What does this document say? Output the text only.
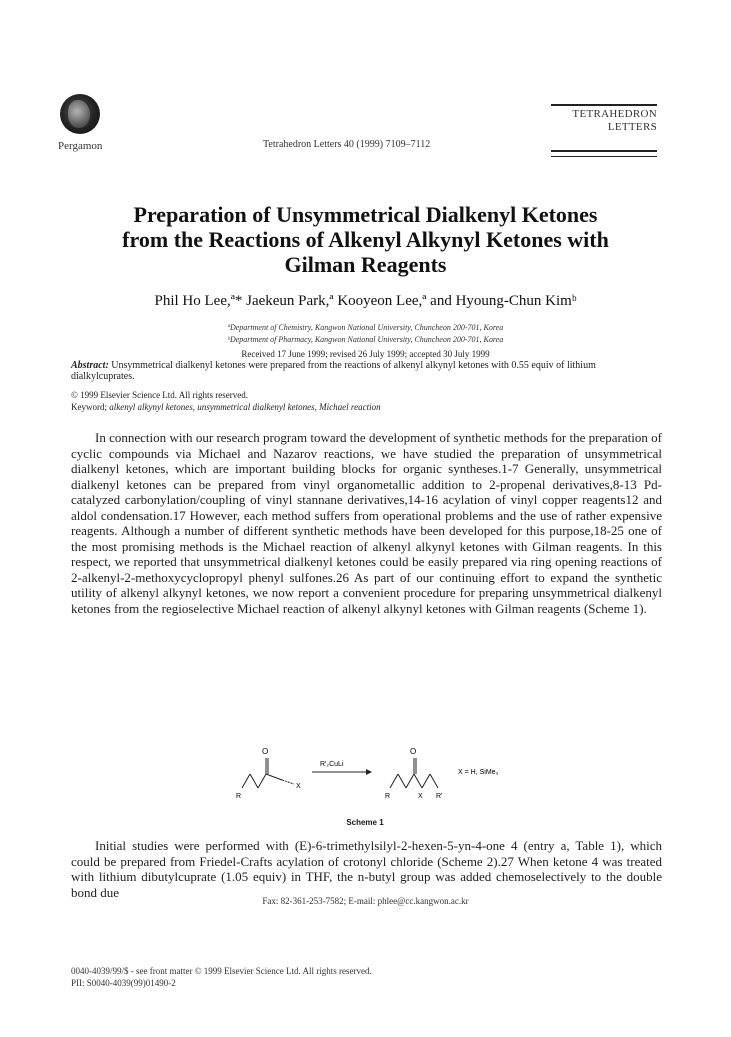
Pergamon	Tetrahedron Letters 40 (1999) 7109–7112
TETRAHEDRON
LETTERS
Preparation of Unsymmetrical Dialkenyl Ketones
from the Reactions of Alkenyl Alkynyl Ketones with
Gilman Reagents
Phil Ho Lee,ª* Jaekeun Park,ª Kooyeon Lee,ª and Hyoung-Chun Kimᵇ
ªDepartment of Chemistry, Kangwon National University, Chuncheon 200-701, Korea
ᵇDepartment of Pharmacy, Kangwon National University, Chuncheon 200-701, Korea
Received 17 June 1999; revised 26 July 1999; accepted 30 July 1999
Abstract: Unsymmetrical dialkenyl ketones were prepared from the reactions of alkenyl alkynyl ketones with 0.55 equiv of lithium dialkylcuprates.
© 1999 Elsevier Science Ltd. All rights reserved.
Keyword; alkenyl alkynyl ketones, unsymmetrical dialkenyl ketones, Michael reaction

In connection with our research program toward the development of synthetic methods for the preparation of cyclic compounds via Michael and Nazarov reactions, we have studied the preparation of unsymmetrical dialkenyl ketones, which are important building blocks for organic syntheses.1-7 Generally, unsymmetrical dialkenyl ketones can be prepared from vinyl organometallic addition to 2-propenal derivatives,8-13 Pd-catalyzed carbonylation/coupling of vinyl stannane derivatives,14-16 acylation of vinyl copper reagents12 and aldol condensation.17 However, each method suffers from operational problems and the use of rather expensive reagents. Although a number of different synthetic methods have been developed for this purpose,18-25 one of the most promising methods is the Michael reaction of alkenyl alkynyl ketones with Gilman reagents. In this respect, we reported that unsymmetrical dialkenyl ketones could be easily prepared via ring opening reactions of 2-alkenyl-2-methoxycyclopropyl phenyl sulfones.26 As part of our continuing effort to expand the synthetic utility of alkenyl alkynyl ketones, we now report a convenient procedure for preparing unsymmetrical dialkenyl ketones from the regioselective Michael reaction of alkenyl alkynyl ketones with Gilman reagents (Scheme 1).

O
R
X
R'₂CuLi
O
R	X R'
X = H, SiMe₃
Scheme 1

Initial studies were performed with (E)-6-trimethylsilyl-2-hexen-5-yn-4-one 4 (entry a, Table 1), which could be prepared from Friedel-Crafts acylation of crotonyl chloride (Scheme 2).27 When ketone 4 was treated with lithium dibutylcuprate (1.05 equiv) in THF, the n-butyl group was added chemoselectively to the double bond due

Fax: 82-361-253-7582; E-mail: phlee@cc.kangwon.ac.kr
0040-4039/99/$ - see front matter © 1999 Elsevier Science Ltd. All rights reserved.
PII: S0040-4039(99)01490-2
